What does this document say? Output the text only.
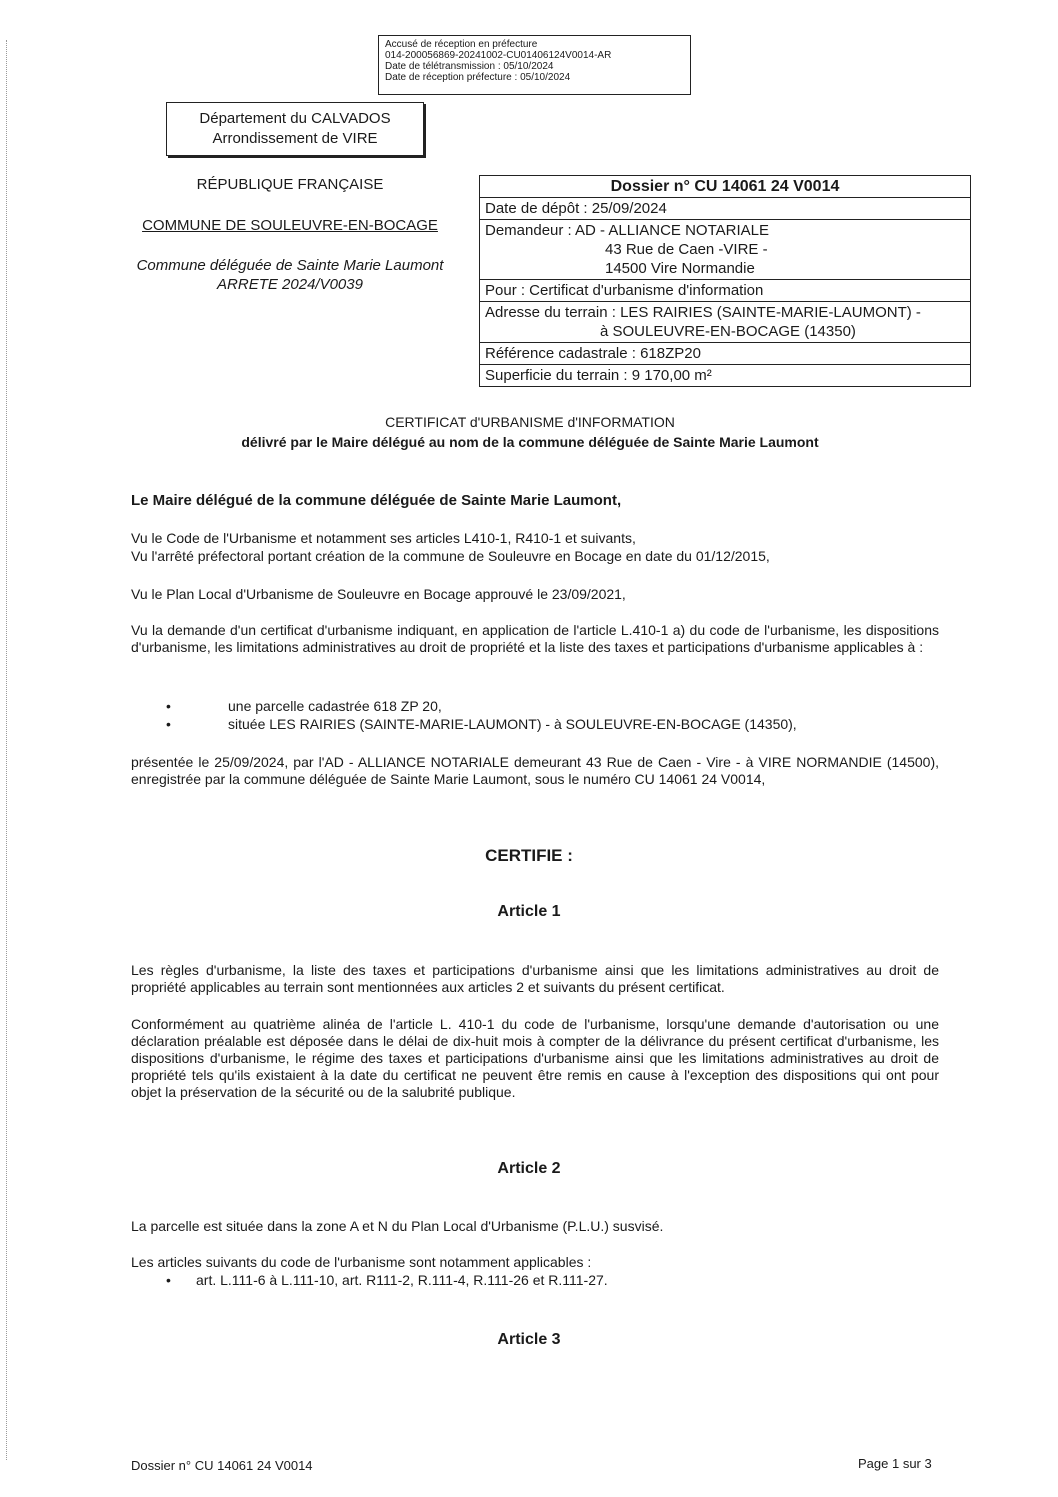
Accusé de réception en préfecture
014-200056869-20241002-CU01406124V0014-AR
Date de télétransmission : 05/10/2024
Date de réception préfecture : 05/10/2024
Département du CALVADOS
Arrondissement de VIRE
RÉPUBLIQUE FRANÇAISE
COMMUNE DE SOULEUVRE-EN-BOCAGE
Commune déléguée de Sainte Marie Laumont
ARRETE 2024/V0039
Dossier n° CU 14061 24 V0014
Date de dépôt : 25/09/2024
Demandeur : AD - ALLIANCE NOTARIALE
43 Rue de Caen -VIRE -
14500 Vire Normandie
Pour : Certificat d'urbanisme d'information
Adresse du terrain : LES RAIRIES (SAINTE-MARIE-LAUMONT) -
à SOULEUVRE-EN-BOCAGE (14350)
Référence cadastrale : 618ZP20
Superficie du terrain : 9 170,00 m²
CERTIFICAT d'URBANISME d'INFORMATION
délivré par le Maire délégué au nom de la commune déléguée de Sainte Marie Laumont
Le Maire délégué de la commune déléguée de Sainte Marie Laumont,
Vu le Code de l'Urbanisme et notamment ses articles L410-1, R410-1 et suivants,
Vu l'arrêté préfectoral portant création de la commune de Souleuvre en Bocage en date du 01/12/2015,
Vu le Plan Local d'Urbanisme de Souleuvre en Bocage approuvé le 23/09/2021,
Vu la demande d'un certificat d'urbanisme indiquant, en application de l'article L.410-1 a) du code de l'urbanisme, les dispositions d'urbanisme, les limitations administratives au droit de propriété et la liste des taxes et participations d'urbanisme applicables à :
•	une parcelle cadastrée 618 ZP 20,
•	située LES RAIRIES (SAINTE-MARIE-LAUMONT) - à SOULEUVRE-EN-BOCAGE (14350),
présentée le 25/09/2024, par l'AD - ALLIANCE NOTARIALE demeurant 43 Rue de Caen - Vire - à VIRE NORMANDIE (14500), enregistrée par la commune déléguée de Sainte Marie Laumont, sous le numéro CU 14061 24 V0014,
CERTIFIE :
Article 1
Les règles d'urbanisme, la liste des taxes et participations d'urbanisme ainsi que les limitations administratives au droit de propriété applicables au terrain sont mentionnées aux articles 2 et suivants du présent certificat.
Conformément au quatrième alinéa de l'article L. 410-1 du code de l'urbanisme, lorsqu'une demande d'autorisation ou une déclaration préalable est déposée dans le délai de dix-huit mois à compter de la délivrance du présent certificat d'urbanisme, les dispositions d'urbanisme, le régime des taxes et participations d'urbanisme ainsi que les limitations administratives au droit de propriété tels qu'ils existaient à la date du certificat ne peuvent être remis en cause à l'exception des dispositions qui ont pour objet la préservation de la sécurité ou de la salubrité publique.
Article 2
La parcelle est située dans la zone A et N du Plan Local d'Urbanisme (P.L.U.) susvisé.
Les articles suivants du code de l'urbanisme sont notamment applicables :
• art. L.111-6 à L.111-10, art. R111-2, R.111-4, R.111-26 et R.111-27.
Article 3
Dossier n° CU 14061 24 V0014	Page 1 sur 3
